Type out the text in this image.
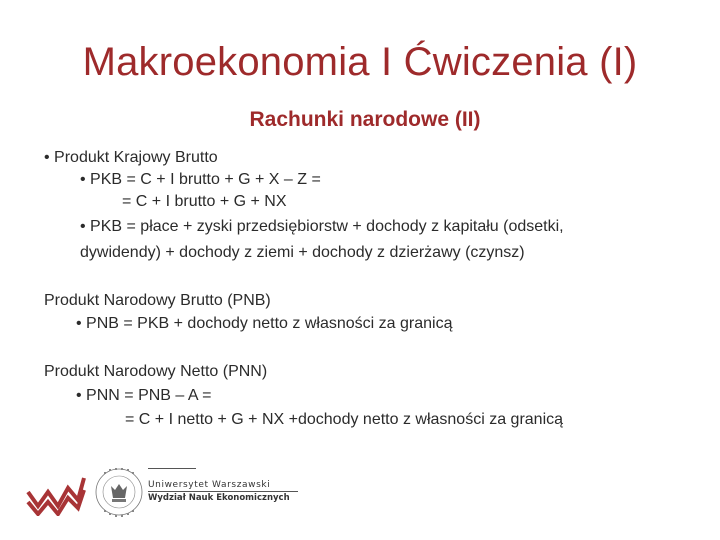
Makroekonomia I Ćwiczenia (I)
Rachunki narodowe (II)
• Produkt Krajowy Brutto
• PKB = C + I brutto + G + X – Z =
= C + I brutto + G + NX
• PKB = płace + zyski przedsiębiorstw + dochody z kapitału (odsetki,
dywidendy) + dochody z ziemi + dochody z dzierżawy (czynsz)
Produkt Narodowy Brutto (PNB)
• PNB = PKB + dochody netto z własności za granicą
Produkt Narodowy Netto (PNN)
• PNN = PNB – A =
= C + I netto + G + NX +dochody netto z własności za granicą
Uniwersytet Warszawski
Wydział Nauk Ekonomicznych
